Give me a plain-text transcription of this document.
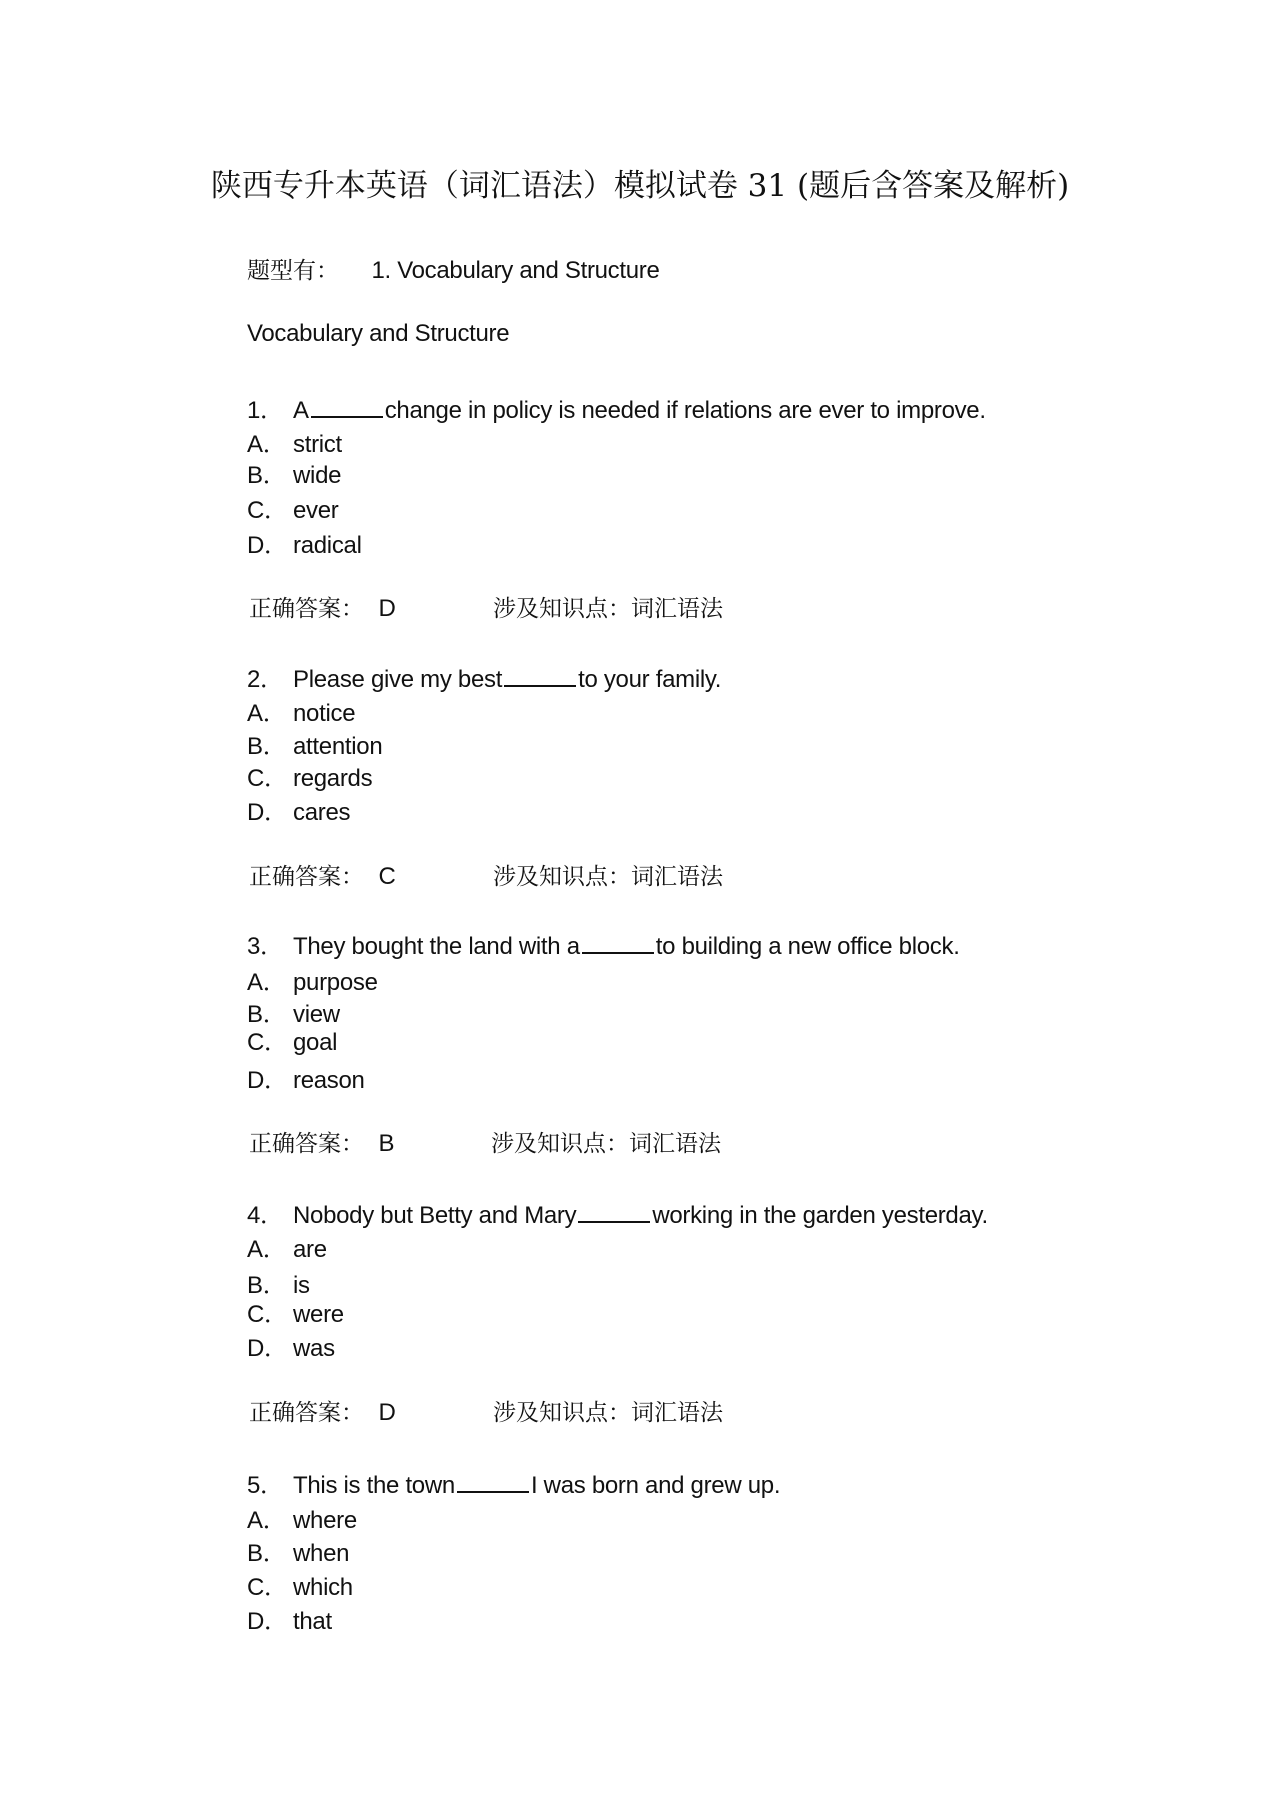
陕西专升本英语（词汇语法）模拟试卷 31 (题后含答案及解析)
题型有： 1. Vocabulary and Structure
Vocabulary and Structure
1． A	change in policy is needed if relations are ever to improve.
A． strict
B． wide
C． ever
D． radical
正确答案： D	涉及知识点：词汇语法
2． Please give my best	to your family.
A． notice
B． attention
C． regards
D． cares
正确答案： C	涉及知识点：词汇语法
3． They bought the land with a	to building a new office block.
A． purpose
B． view
C． goal
D． reason
正确答案： B	涉及知识点：词汇语法
4． Nobody but Betty and Mary	working in the garden yesterday.
A． are
B． is
C． were
D． was
正确答案： D	涉及知识点：词汇语法
5． This is the town	I was born and grew up.
A． where
B． when
C． which
D． that
